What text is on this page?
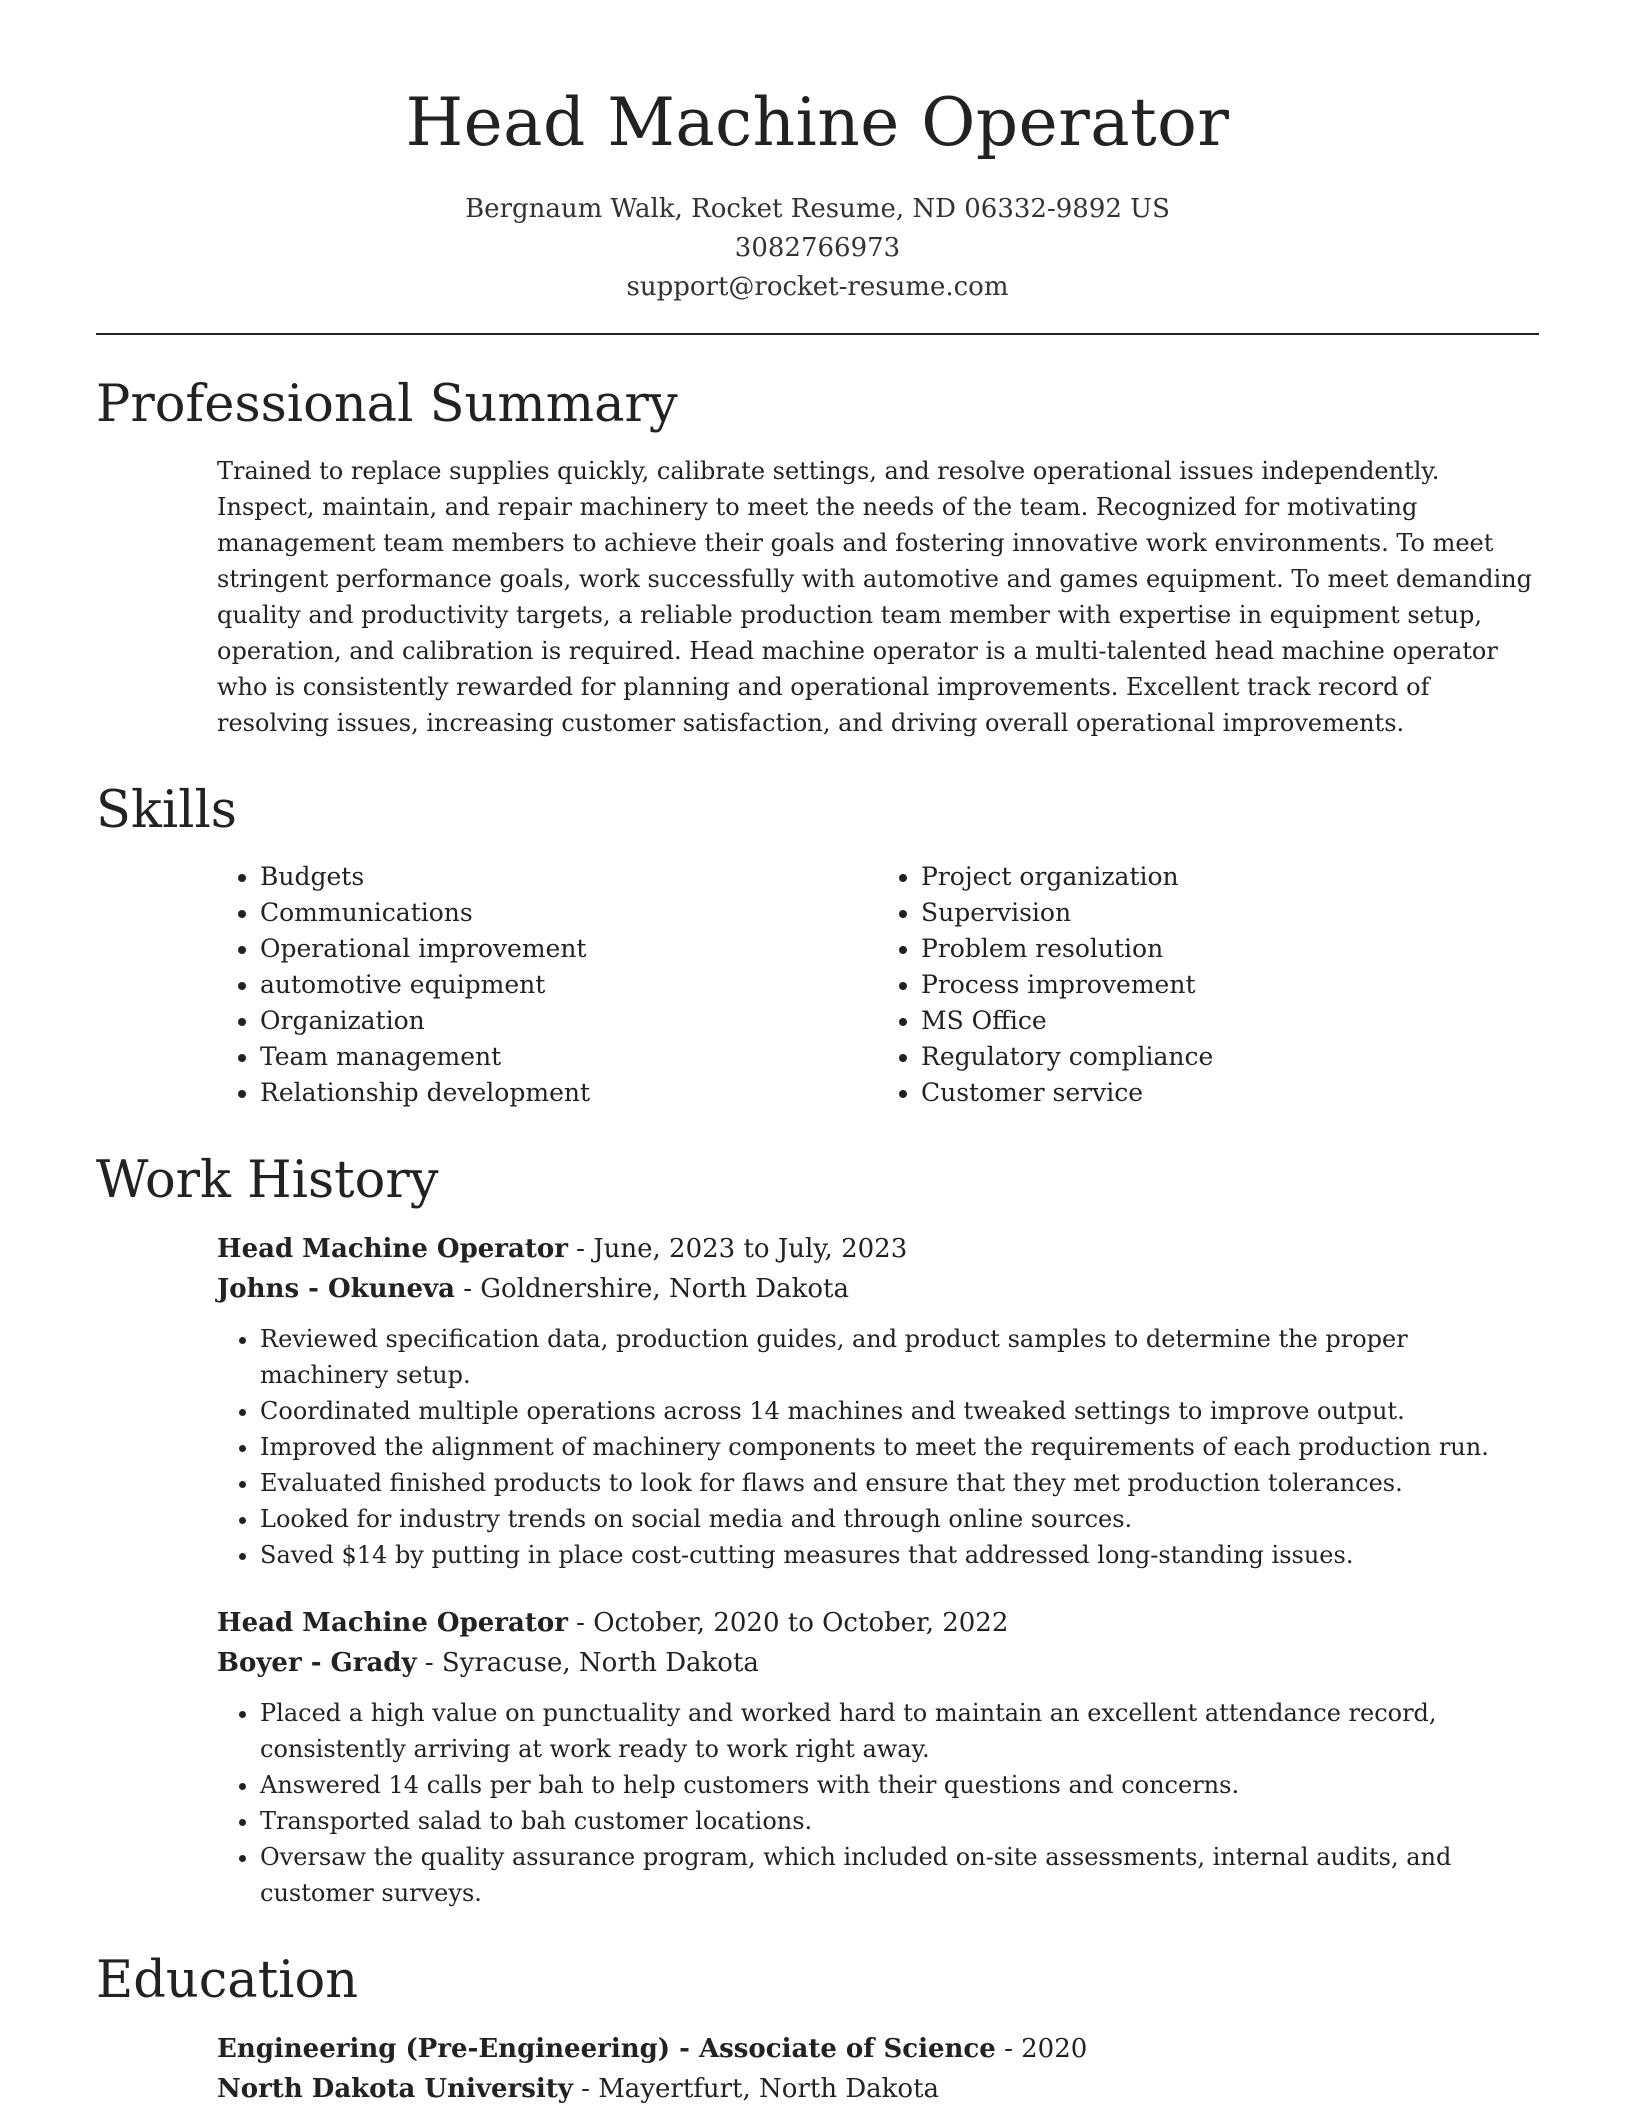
Head Machine Operator
Bergnaum Walk, Rocket Resume, ND 06332-9892 US
3082766973
support@rocket-resume.com
Professional Summary

Trained to replace supplies quickly, calibrate settings, and resolve operational issues independently. Inspect, maintain, and repair machinery to meet the needs of the team. Recognized for motivating management team members to achieve their goals and fostering innovative work environments. To meet stringent performance goals, work successfully with automotive and games equipment. To meet demanding quality and productivity targets, a reliable production team member with expertise in equipment setup, operation, and calibration is required. Head machine operator is a multi-talented head machine operator who is consistently rewarded for planning and operational improvements. Excellent track record of resolving issues, increasing customer satisfaction, and driving overall operational improvements.

Skills
• Budgets
• Communications
• Operational improvement
• automotive equipment
• Organization
• Team management
• Relationship development
• Project organization
• Supervision
• Problem resolution
• Process improvement
• MS Office
• Regulatory compliance
• Customer service
Work History

Head Machine Operator - June, 2023 to July, 2023

Johns - Okuneva - Goldnershire, North Dakota

• Reviewed specification data, production guides, and product samples to determine the proper machinery setup.
• Coordinated multiple operations across 14 machines and tweaked settings to improve output.
• Improved the alignment of machinery components to meet the requirements of each production run.
• Evaluated finished products to look for flaws and ensure that they met production tolerances.
• Looked for industry trends on social media and through online sources.
• Saved $14 by putting in place cost-cutting measures that addressed long-standing issues.

Head Machine Operator - October, 2020 to October, 2022

Boyer - Grady - Syracuse, North Dakota

• Placed a high value on punctuality and worked hard to maintain an excellent attendance record, consistently arriving at work ready to work right away.
• Answered 14 calls per bah to help customers with their questions and concerns.
• Transported salad to bah customer locations.
• Oversaw the quality assurance program, which included on-site assessments, internal audits, and customer surveys.
Education

Engineering (Pre-Engineering) - Associate of Science - 2020

North Dakota University - Mayertfurt, North Dakota
